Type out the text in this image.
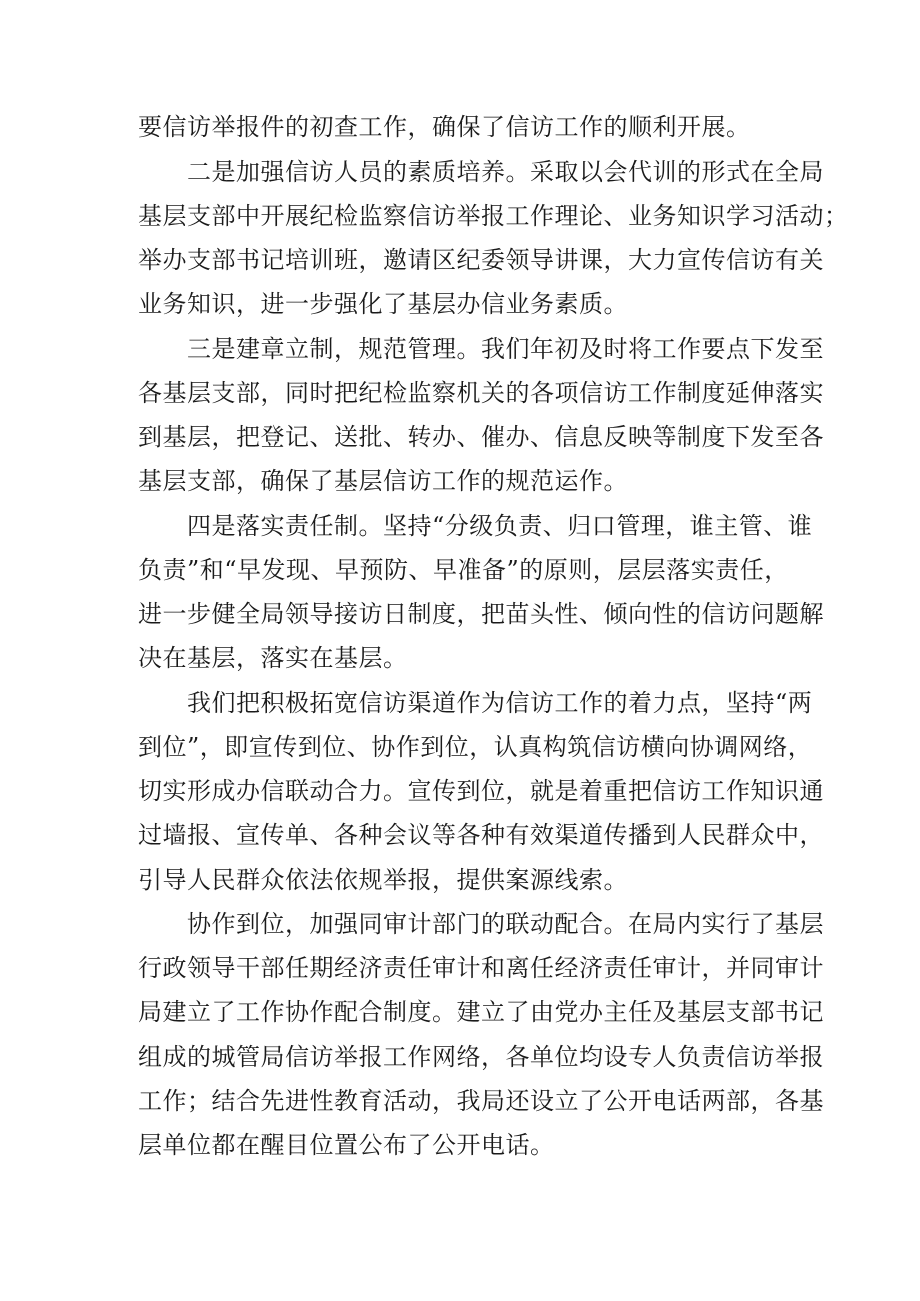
要信访举报件的初查工作，确保了信访工作的顺利开展。
二是加强信访人员的素质培养。采取以会代训的形式在全局
基层支部中开展纪检监察信访举报工作理论、业务知识学习活动；
举办支部书记培训班，邀请区纪委领导讲课，大力宣传信访有关
业务知识，进一步强化了基层办信业务素质。
三是建章立制，规范管理。我们年初及时将工作要点下发至
各基层支部，同时把纪检监察机关的各项信访工作制度延伸落实
到基层，把登记、送批、转办、催办、信息反映等制度下发至各
基层支部，确保了基层信访工作的规范运作。
四是落实责任制。坚持“分级负责、归口管理，谁主管、谁
负责”和“早发现、早预防、早准备”的原则，层层落实责任，
进一步健全局领导接访日制度，把苗头性、倾向性的信访问题解
决在基层，落实在基层。
我们把积极拓宽信访渠道作为信访工作的着力点，坚持“两
到位”，即宣传到位、协作到位，认真构筑信访横向协调网络，
切实形成办信联动合力。宣传到位，就是着重把信访工作知识通
过墙报、宣传单、各种会议等各种有效渠道传播到人民群众中，
引导人民群众依法依规举报，提供案源线索。
协作到位，加强同审计部门的联动配合。在局内实行了基层
行政领导干部任期经济责任审计和离任经济责任审计，并同审计
局建立了工作协作配合制度。建立了由党办主任及基层支部书记
组成的城管局信访举报工作网络，各单位均设专人负责信访举报
工作；结合先进性教育活动，我局还设立了公开电话两部，各基
层单位都在醒目位置公布了公开电话。
